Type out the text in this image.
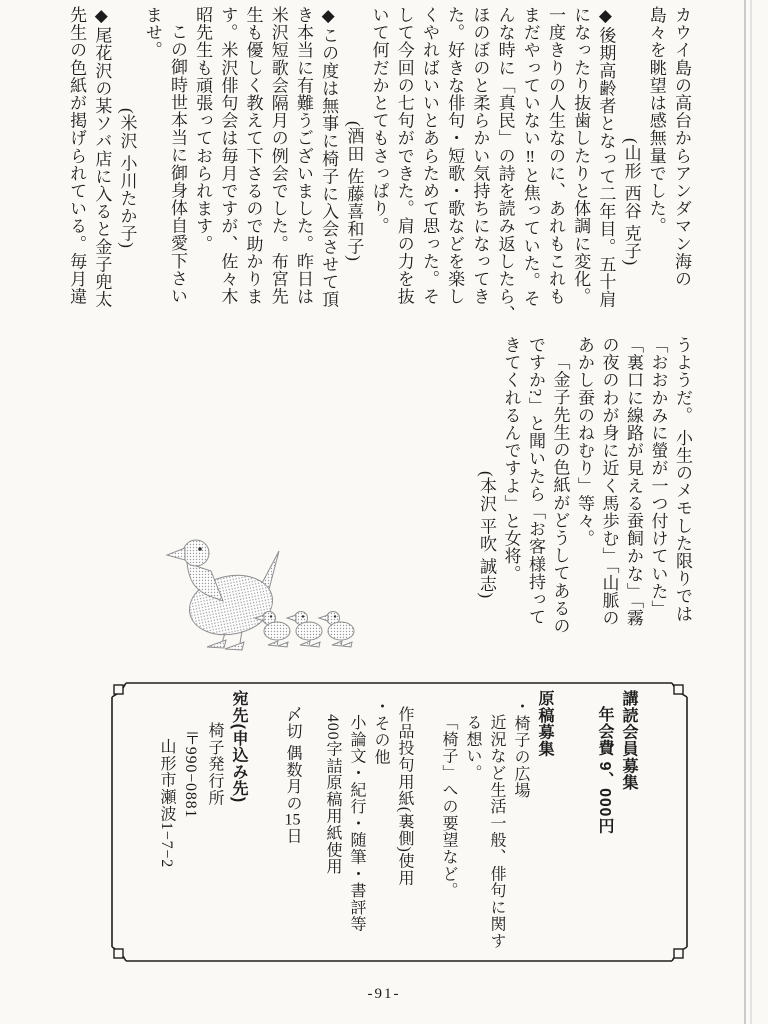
カウイ島の高台からアンダマン海の

島々を眺望は感無量でした。

(山形 西谷 克子)

◆後期高齢者となって二年目。五十肩

になったり抜歯したりと体調に変化。

一度きりの人生なのに、あれもこれも

まだやっていない‼と焦っていた。そ

んな時に「真民」の詩を読み返したら、

ほのぼのと柔らかい気持ちになってき

た。好きな俳句・短歌・歌などを楽し

くやればいいとあらためて思った。そ

して今回の七句ができた。肩の力を抜

いて何だかとてもさっぱり。

(酒田 佐藤喜和子)

◆この度は無事に椅子に入会させて頂

き本当に有難うございました。昨日は

米沢短歌会隔月の例会でした。布宮先

生も優しく教えて下さるので助かりま

す。米沢俳句会は毎月ですが、佐々木

昭先生も頑張っておられます。

この御時世本当に御身体自愛下さい

ませ。

(米沢 小川たか子)

◆尾花沢の某ソバ店に入ると金子兜太

先生の色紙が掲げられている。毎月違

うようだ。 小生のメモした限りでは

「おおかみに螢が一つ付けていた」

「裏口に線路が見える蚕飼かな」「霧

の夜のわが身に近く馬歩む」「山脈の

あかし蚕のねむり」等々。

「金子先生の色紙がどうしてあるの

ですか?」と聞いたら「お客様持って

きてくれるんですよ」と女将。

(本沢 平吹 誠志)

講読会員募集

年会費 9、000円

原稿募集

・椅子の広場

近況など生活一般、俳句に関す

る想い。

「椅子」への要望など。

作品投句用紙(裏側)使用

・その他

小論文・紀行・随筆・書評等

400字詰原稿用紙使用

〆切 偶数月の15日

宛先(申込み先)

椅子発行所

〒990−0881

山形市瀬波1−7−2

-91-
